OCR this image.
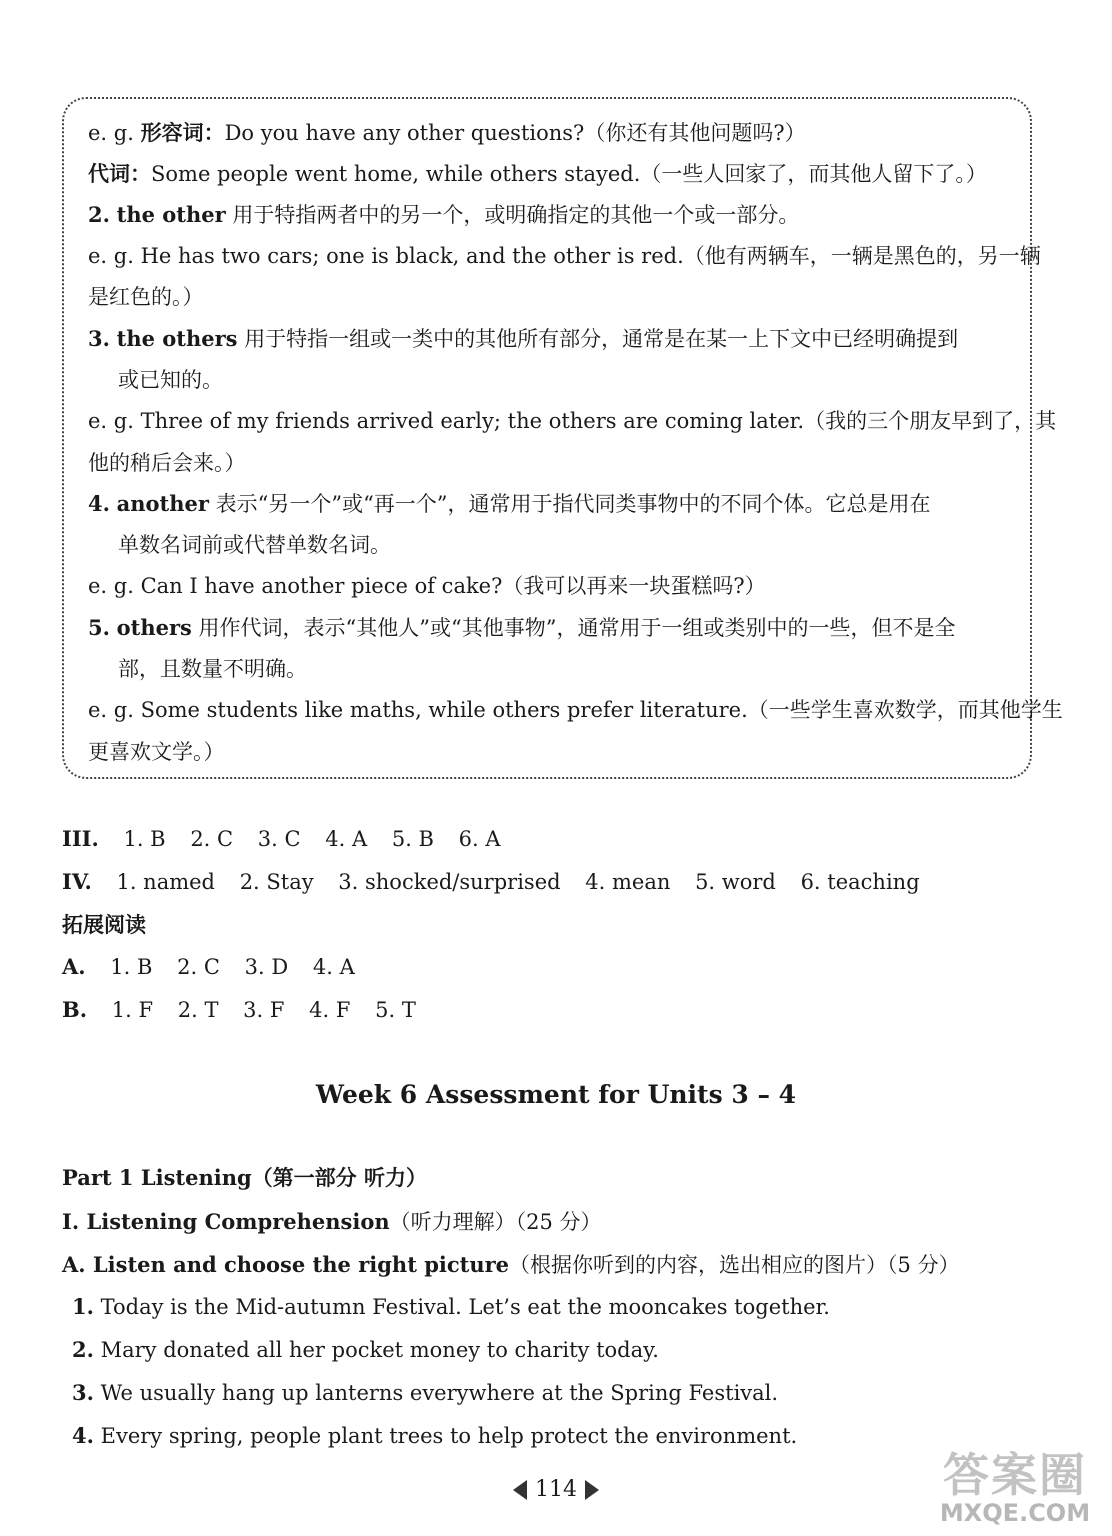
e. g. 形容词：Do you have any other questions?（你还有其他问题吗?）
代词：Some people went home, while others stayed.（一些人回家了，而其他人留下了。）
2. the other 用于特指两者中的另一个，或明确指定的其他一个或一部分。
e. g. He has two cars; one is black, and the other is red.（他有两辆车，一辆是黑色的，另一辆
是红色的。）
3. the others 用于特指一组或一类中的其他所有部分，通常是在某一上下文中已经明确提到
或已知的。
e. g. Three of my friends arrived early; the others are coming later.（我的三个朋友早到了，其
他的稍后会来。）
4. another 表示“另一个”或“再一个”，通常用于指代同类事物中的不同个体。它总是用在
单数名词前或代替单数名词。
e. g. Can I have another piece of cake?（我可以再来一块蛋糕吗?）
5. others 用作代词，表示“其他人”或“其他事物”，通常用于一组或类别中的一些，但不是全
部，且数量不明确。
e. g. Some students like maths, while others prefer literature.（一些学生喜欢数学，而其他学生
更喜欢文学。）
III. 1. B 2. C 3. C 4. A 5. B 6. A
IV. 1. named 2. Stay 3. shocked/surprised 4. mean 5. word 6. teaching
拓展阅读
A. 1. B 2. C 3. D 4. A
B. 1. F 2. T 3. F 4. F 5. T
Week 6 Assessment for Units 3 – 4
Part 1 Listening（第一部分 听力）
I. Listening Comprehension（听力理解）（25 分）
A. Listen and choose the right picture（根据你听到的内容，选出相应的图片）（5 分）
1. Today is the Mid-autumn Festival. Let’s eat the mooncakes together.
2. Mary donated all her pocket money to charity today.
3. We usually hang up lanterns everywhere at the Spring Festival.
4. Every spring, people plant trees to help protect the environment.
114	答案圈
MXQE.COM
